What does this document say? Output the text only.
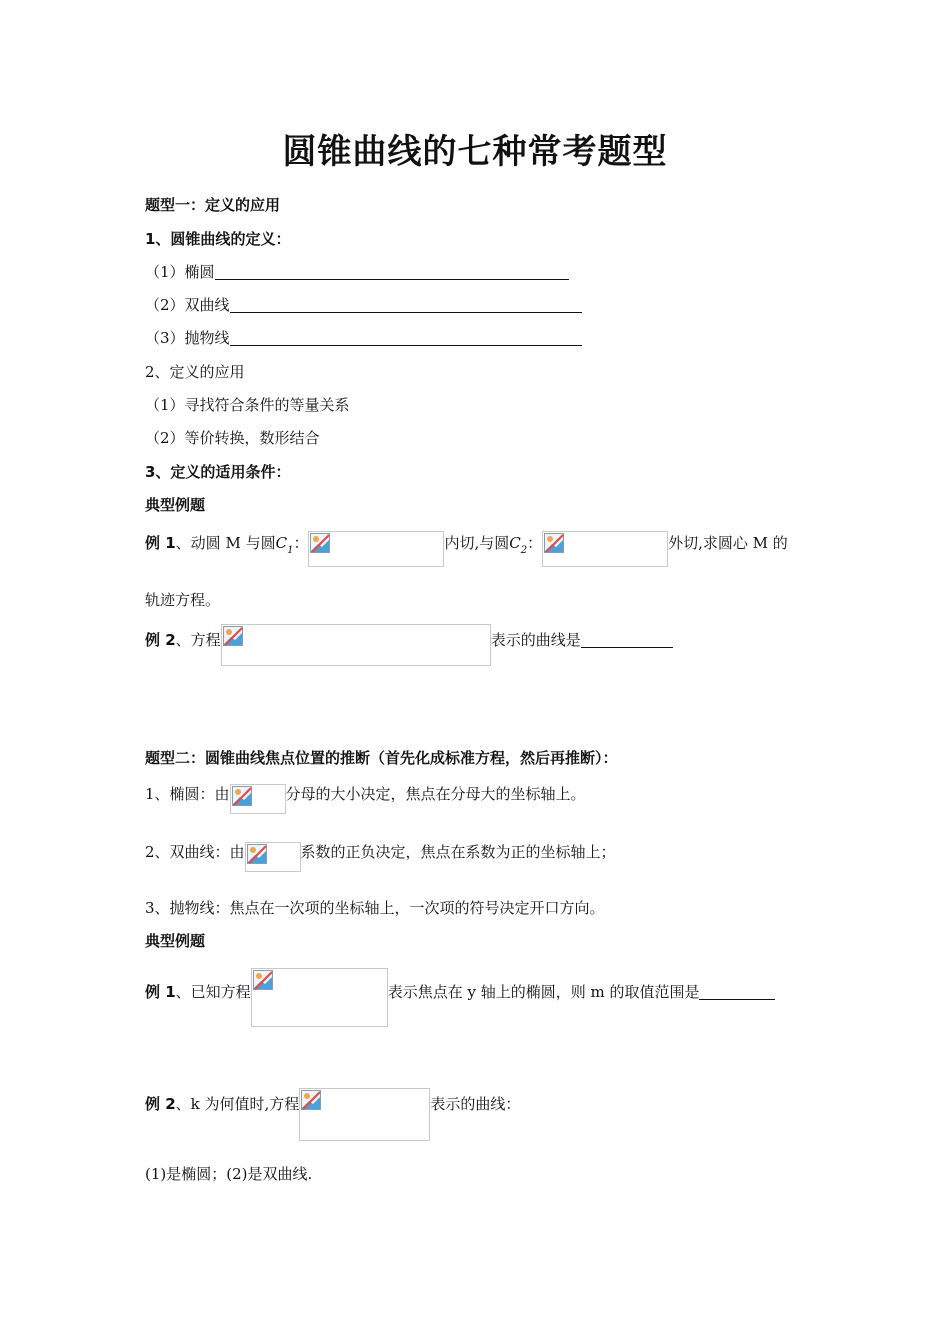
圆锥曲线的七种常考题型
题型一：定义的应用
1、圆锥曲线的定义：
（1）椭圆
（2）双曲线
（3）抛物线
2、定义的应用
（1）寻找符合条件的等量关系
（2）等价转换，数形结合
3、定义的适用条件：
典型例题
例 1 、动圆 M 与圆 $C_1$ ：	内切,与圆 $C_2$ ：	外切,求圆心 M 的
轨迹方程。
例 2 、方程	表示的曲线是
题型二：圆锥曲线焦点位置的推断（首先化成标准方程，然后再推断）：
1、椭圆：由	分母的大小决定，焦点在分母大的坐标轴上。
2、双曲线：由	系数的正负决定，焦点在系数为正的坐标轴上；
3、抛物线：焦点在一次项的坐标轴上，一次项的符号决定开口方向。
典型例题
例 1 、已知方程	表示焦点在 y 轴上的椭圆，则 m 的取值范围是
例 2 、k 为何值时,方程	表示的曲线：
(1)是椭圆；(2)是双曲线.
